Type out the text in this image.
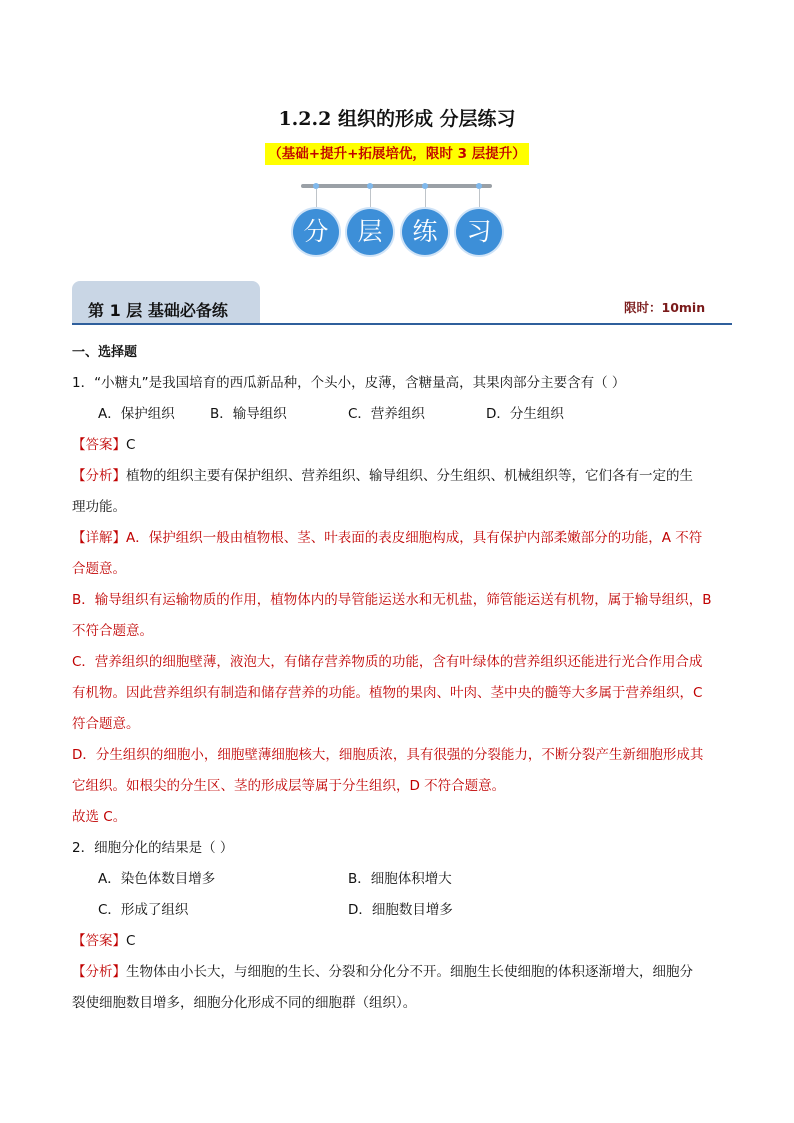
1.2.2 组织的形成 分层练习
（基础+提升+拓展培优，限时 3 层提升）
分	层	练	习
第 1 层 基础必备练	限时：10min

一、选择题

1．“小糖丸”是我国培育的西瓜新品种，个头小，皮薄，含糖量高，其果肉部分主要含有（ ）

A．保护组织	B．输导组织	C．营养组织	D．分生组织

【答案】C

【分析】植物的组织主要有保护组织、营养组织、输导组织、分生组织、机械组织等，它们各有一定的生

理功能。

【详解】A．保护组织一般由植物根、茎、叶表面的表皮细胞构成，具有保护内部柔嫩部分的功能，A 不符

合题意。

B．输导组织有运输物质的作用，植物体内的导管能运送水和无机盐，筛管能运送有机物，属于输导组织，B

不符合题意。

C．营养组织的细胞壁薄，液泡大，有储存营养物质的功能，含有叶绿体的营养组织还能进行光合作用合成

有机物。因此营养组织有制造和储存营养的功能。植物的果肉、叶肉、茎中央的髓等大多属于营养组织，C

符合题意。

D．分生组织的细胞小，细胞壁薄细胞核大，细胞质浓，具有很强的分裂能力，不断分裂产生新细胞形成其

它组织。如根尖的分生区、茎的形成层等属于分生组织，D 不符合题意。

故选 C。

2．细胞分化的结果是（ ）

A．染色体数目增多	B．细胞体积增大
C．形成了组织	D．细胞数目增多

【答案】C

【分析】生物体由小长大，与细胞的生长、分裂和分化分不开。细胞生长使细胞的体积逐渐增大，细胞分

裂使细胞数目增多，细胞分化形成不同的细胞群（组织）。
